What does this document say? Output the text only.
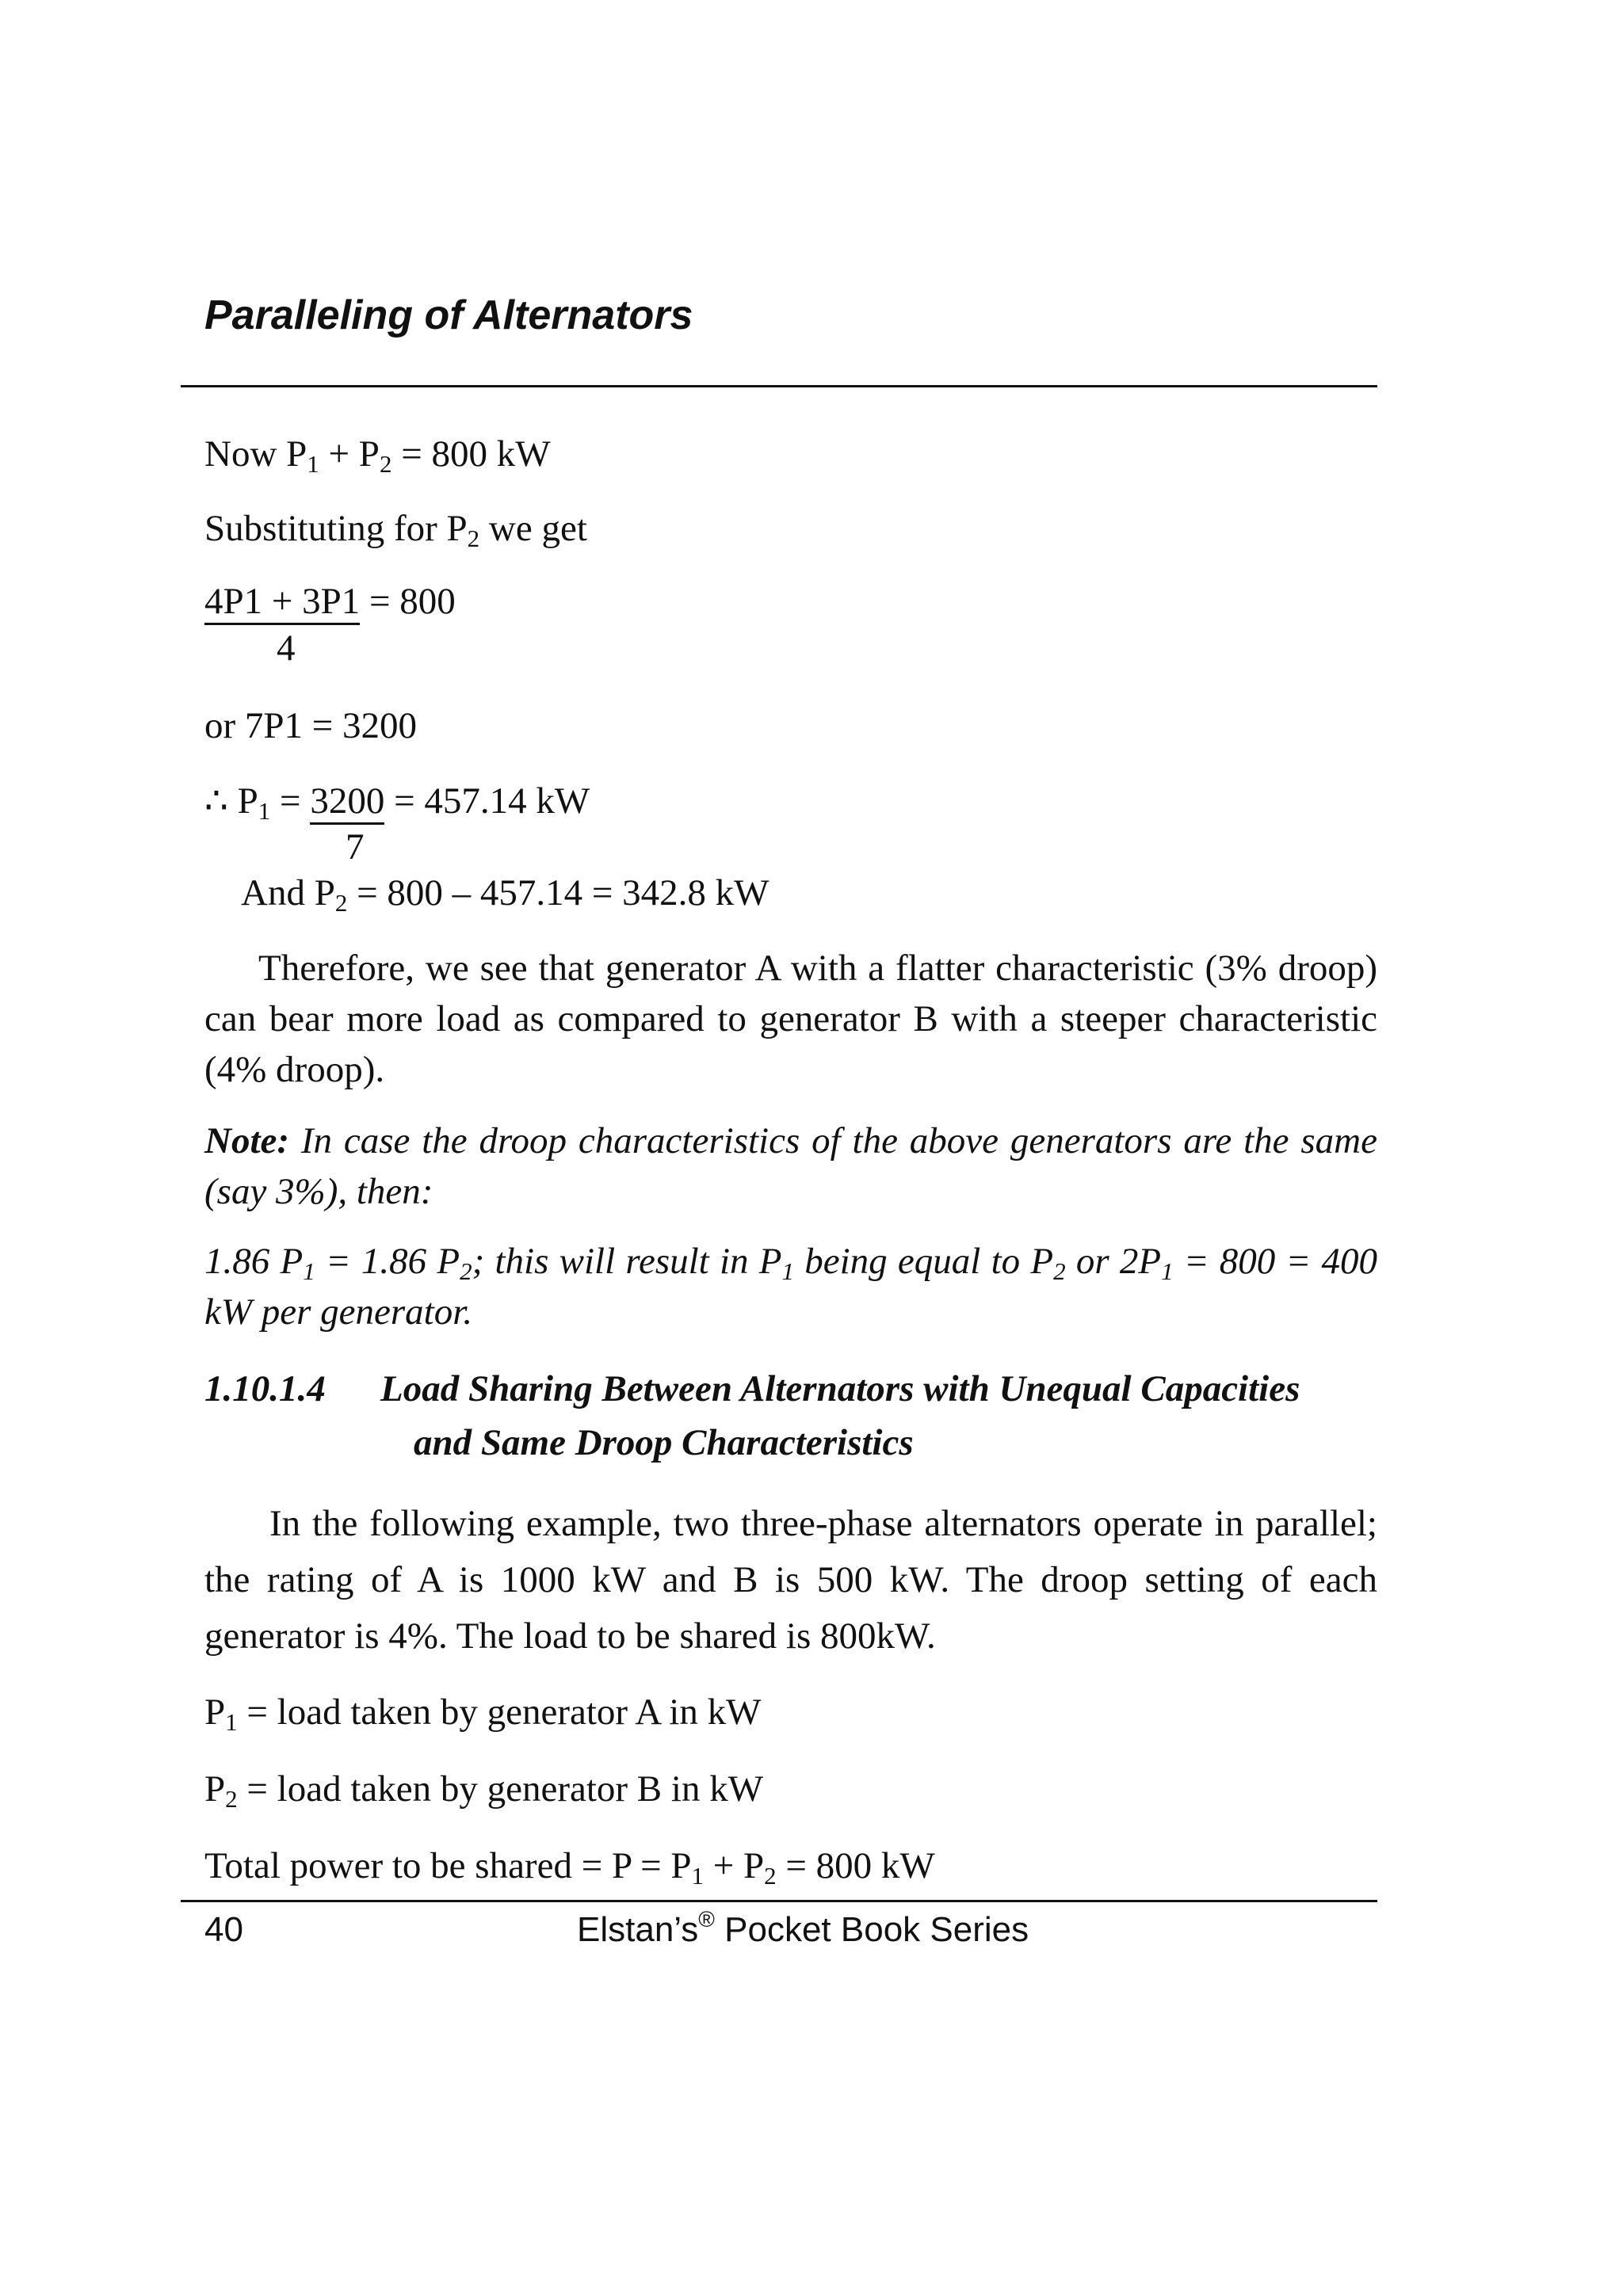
Paralleling of Alternators
Now $P_1 + P_2 = 800$ kW
Substituting for $P_2$ we get
4P1 + 3P1 = 800
4
or 7P1 = 3200
∴ $P_1 = 3200 = 457.14$ kW
7
And $P_2 = 800 - 457.14 = 342.8$ kW
Therefore, we see that generator A with a flatter characteristic (3% droop) can bear more load as compared to generator B with a steeper characteristic (4% droop).
Note: In case the droop characteristics of the above generators are the same (say 3%), then:
1.86 $P_1 = 1.86$ $P_2$; this will result in $P_1$ being equal to $P_2$ or $2P_1 = 800 = 400$ kW per generator.
1.10.1.4 Load Sharing Between Alternators with Unequal Capacities
and Same Droop Characteristics
In the following example, two three-phase alternators operate in parallel; the rating of A is 1000 kW and B is 500 kW. The droop setting of each generator is 4%. The load to be shared is 800kW.
$P_1$ = load taken by generator A in kW
$P_2$ = load taken by generator B in kW
Total power to be shared = $P = P_1 + P_2 = 800$ kW
40	Elstan’s® Pocket Book Series
